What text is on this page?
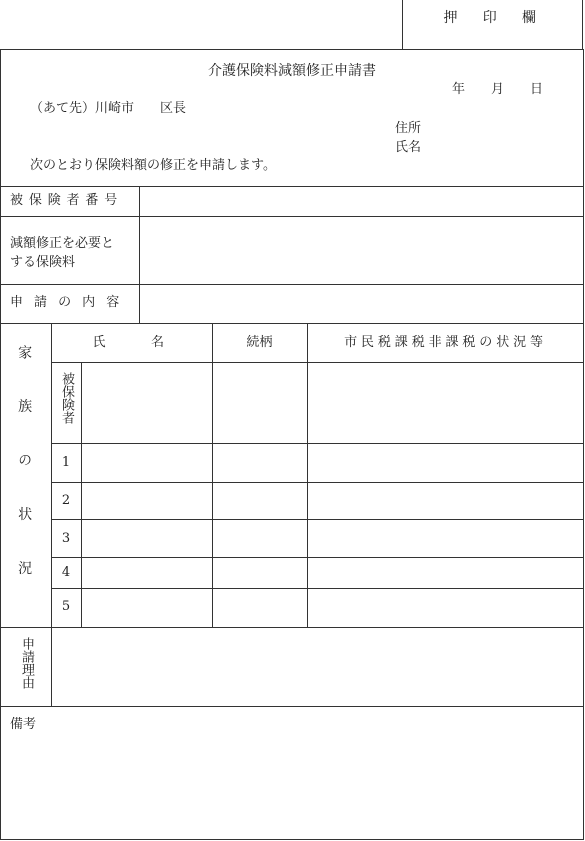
押　印　欄
介護保険料減額修正申請書
年　　月　　日
（あて先）川崎市　　区長
住所
氏名
次のとおり保険料額の修正を申請します。
被保険者番号
減額修正を必要と
する保険料
申請の内容
家族の状況
氏　　名	続柄	市民税課税非課税の状況等
被保険者
1
2
3
4
5
申請理由
備考
